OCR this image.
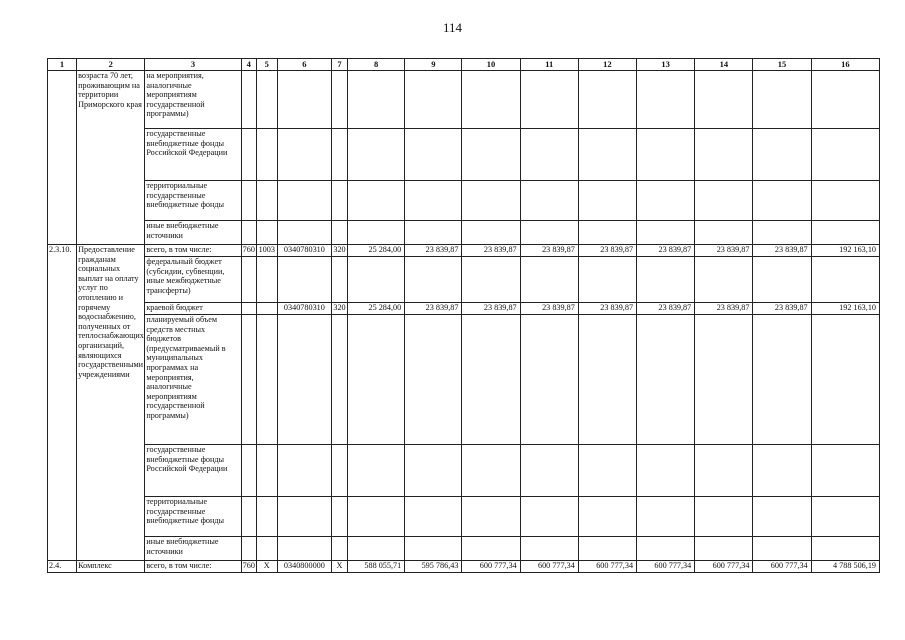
114
1	2	3	4	5	6	7	8	9	10	11	12	13	14	15	16
	возраста 70 лет, проживающим на территории Приморского края	на мероприятия, аналогичные мероприятиям государственной программы)													
		государственные внебюджетные фонды Российской Федерации													
		территориальные государственные внебюджетные фонды													
		иные внебюджетные источники													
2.3.10.	Предоставление гражданам социальных выплат на оплату услуг по отоплению и горячему водоснабжению, полученных от теплоснабжающих организаций, являющихся государственными учреждениями	всего, в том числе:	760	1003	0340780310	320	25 284,00	23 839,87	23 839,87	23 839,87	23 839,87	23 839,87	23 839,87	23 839,87	192 163,10
		федеральный бюджет (субсидии, субвенции, иные межбюджетные трансферты)													
		краевой бюджет			0340780310	320	25 284,00	23 839,87	23 839,87	23 839,87	23 839,87	23 839,87	23 839,87	23 839,87	192 163,10
		планируемый объем средств местных бюджетов (предусматриваемый в муниципальных программах на мероприятия, аналогичные мероприятиям государственной программы)													
		государственные внебюджетные фонды Российской Федерации													
		территориальные государственные внебюджетные фонды													
		иные внебюджетные источники													
2.4.	Комплекс	всего, в том числе:	760	X	0340800000	X	588 055,71	595 786,43	600 777,34	600 777,34	600 777,34	600 777,34	600 777,34	600 777,34	4 788 506,19
